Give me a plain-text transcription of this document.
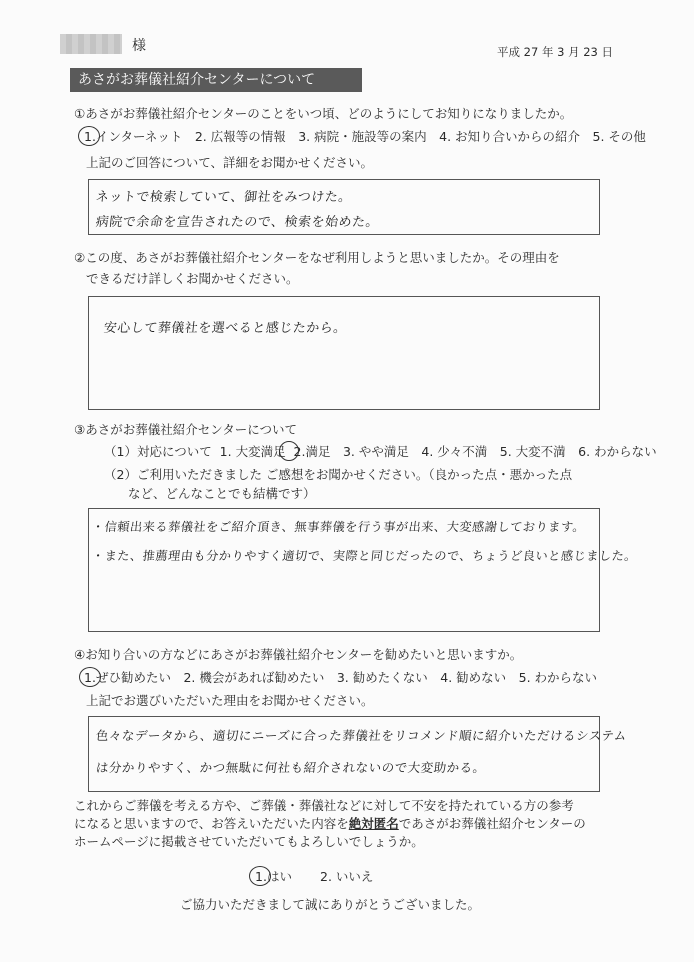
様	平成 27 年 3 月 23 日
あさがお葬儀社紹介センターについて
①あさがお葬儀社紹介センターのことをいつ頃、どのようにしてお知りになりましたか。
1.インターネット　2. 広報等の情報　3. 病院・施設等の案内　4. お知り合いからの紹介　5. その他
上記のご回答について、詳細をお聞かせください。
ネットで検索していて、御社をみつけた。
病院で余命を宣告されたので、検索を始めた。
②この度、あさがお葬儀社紹介センターをなぜ利用しようと思いましたか。その理由を
できるだけ詳しくお聞かせください。
安心して葬儀社を選べると感じたから。
③あさがお葬儀社紹介センターについて
（1）対応について 1. 大変満足 2.満足　3. やや満足　4. 少々不満　5. 大変不満　6. わからない
（2）ご利用いただきました ご感想をお聞かせください。（良かった点・悪かった点
など、どんなことでも結構です）
・信頼出来る葬儀社をご紹介頂き、無事葬儀を行う事が出来、大変感謝しております。
・また、推薦理由も分かりやすく適切で、実際と同じだったので、ちょうど良いと感じました。
④お知り合いの方などにあさがお葬儀社紹介センターを勧めたいと思いますか。
1.ぜひ勧めたい　2. 機会があれば勧めたい　3. 勧めたくない　4. 勧めない　5. わからない
上記でお選びいただいた理由をお聞かせください。
色々なデータから、適切にニーズに合った葬儀社をリコメンド順に紹介いただけるシステム
は分かりやすく、かつ無駄に何社も紹介されないので大変助かる。
これからご葬儀を考える方や、ご葬儀・葬儀社などに対して不安を持たれている方の参考
になると思いますので、お答えいただいた内容を絶対匿名であさがお葬儀社紹介センターの
ホームページに掲載させていただいてもよろしいでしょうか。
1.はい 2. いいえ
ご協力いただきまして誠にありがとうございました。
